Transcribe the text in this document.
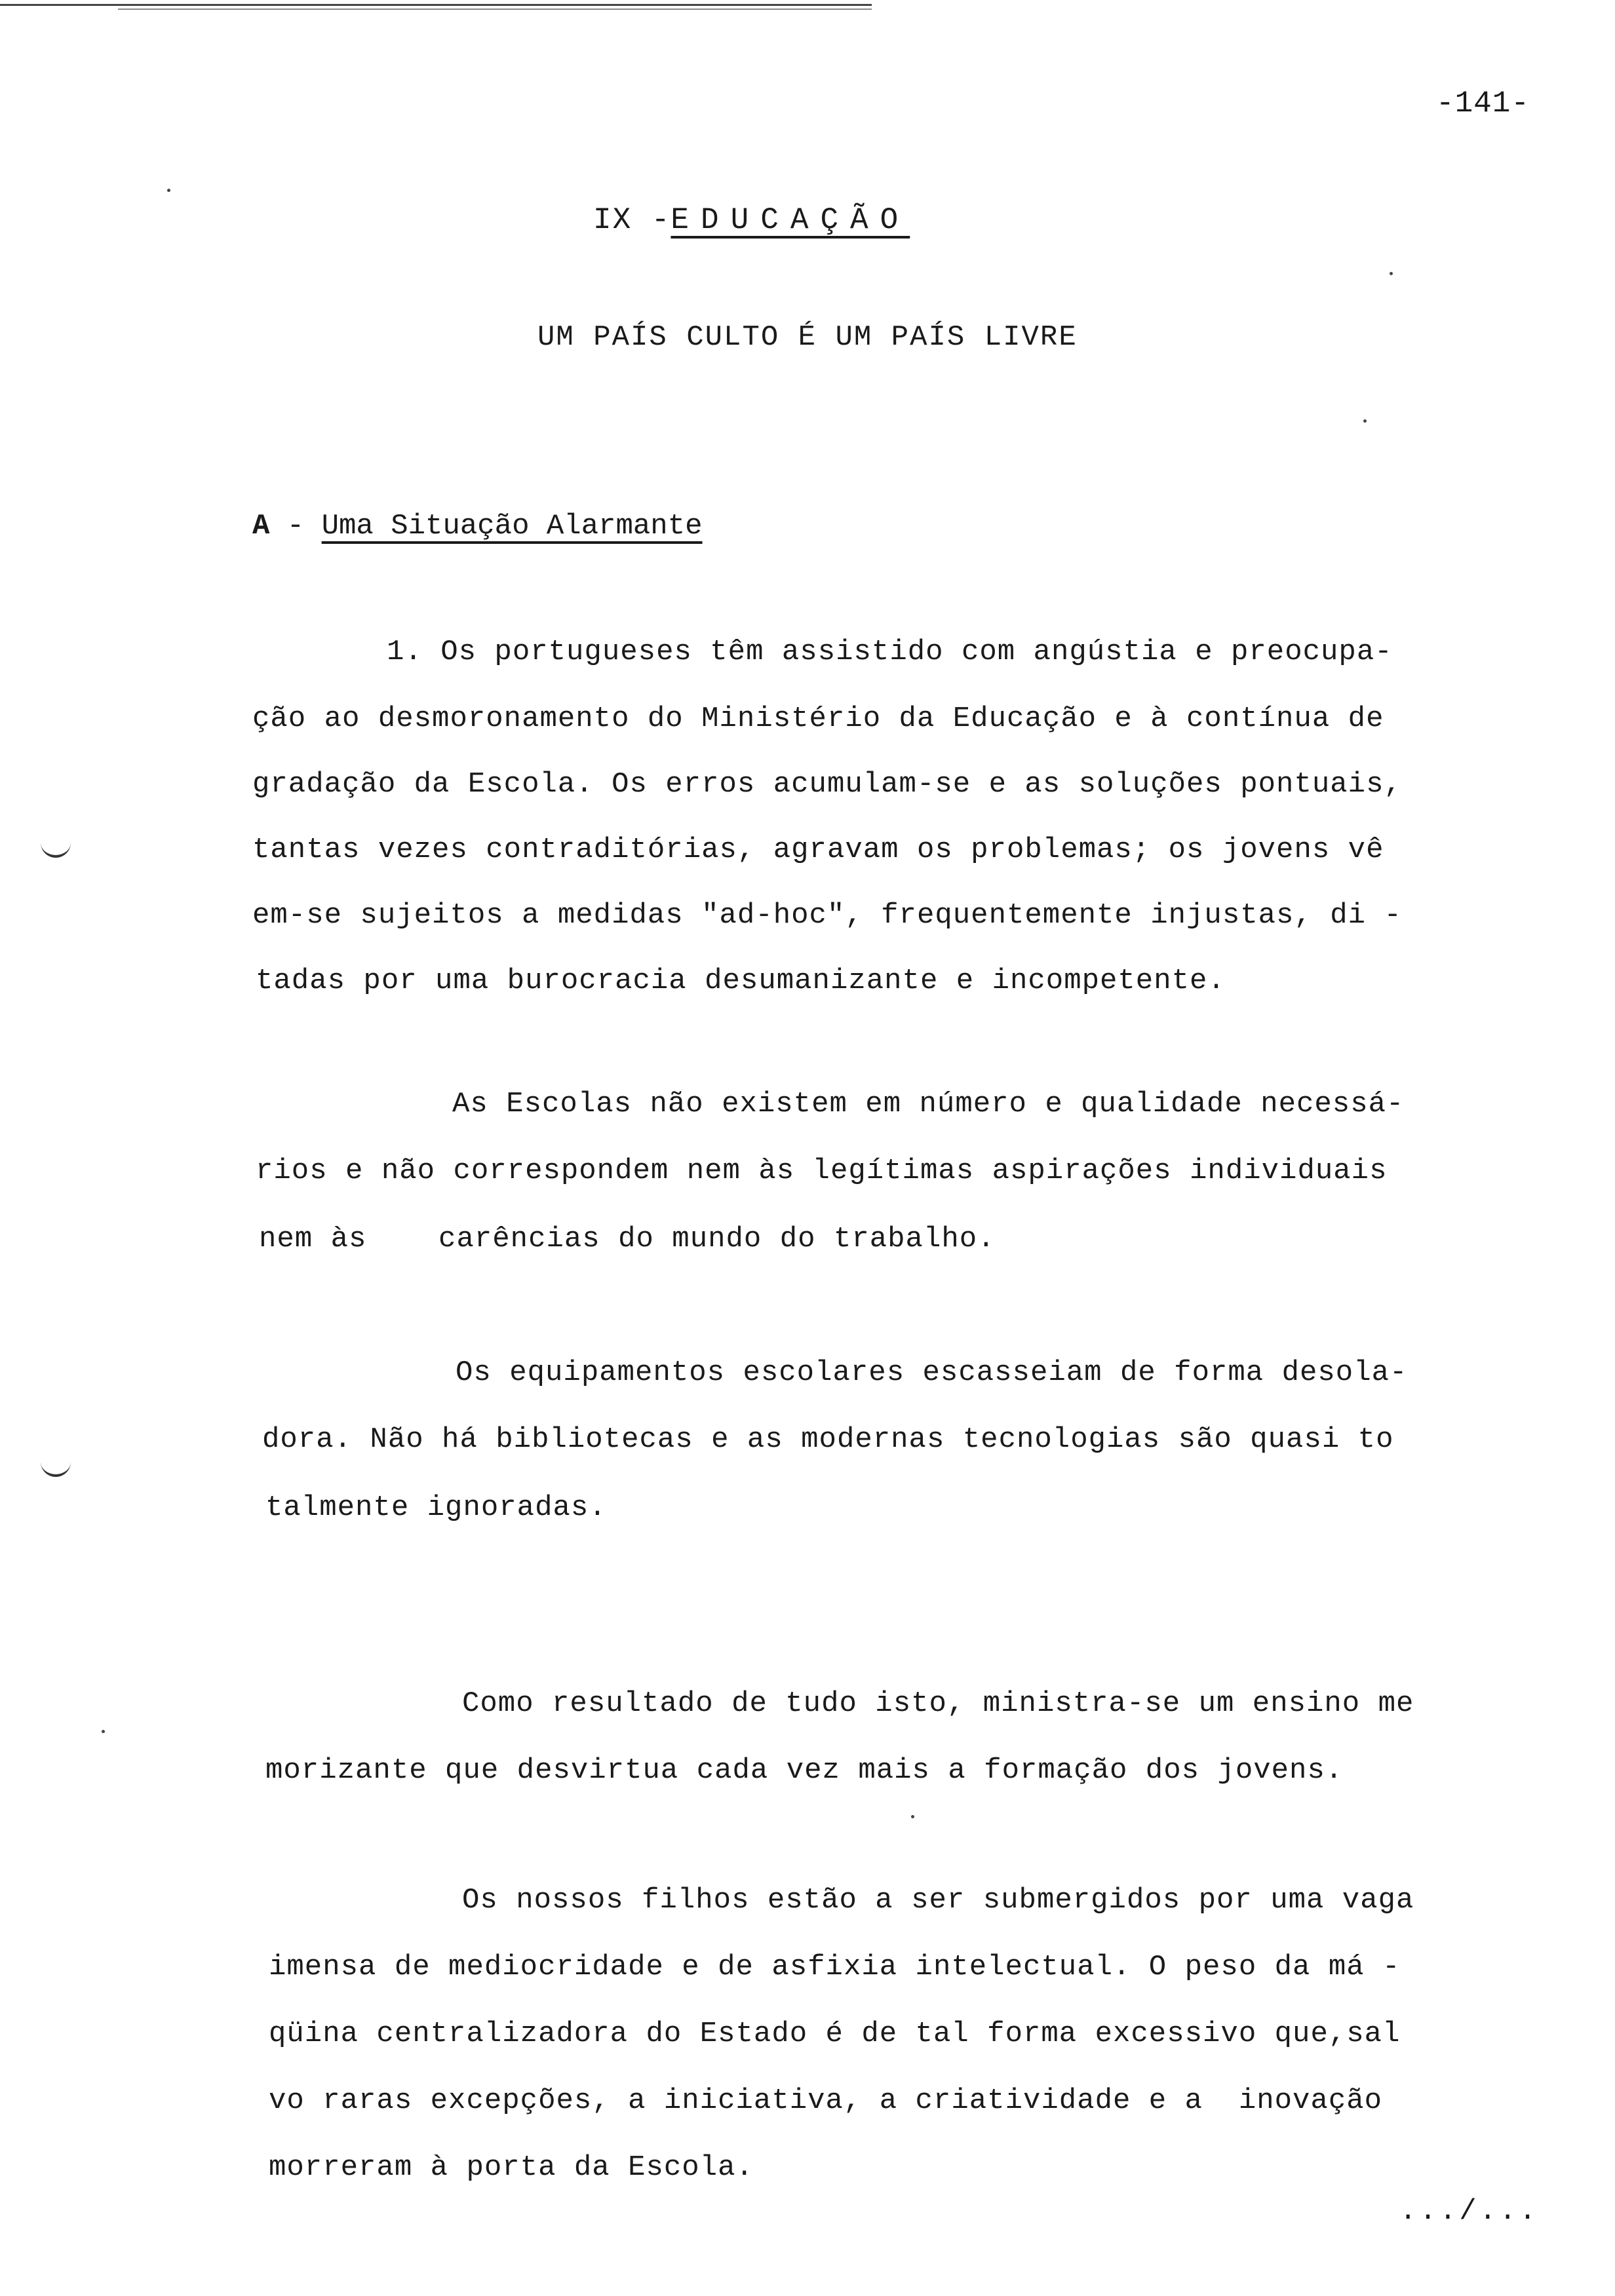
-141-
IX -EDUCAÇÃO
UM PAÍS CULTO É UM PAÍS LIVRE
A - Uma Situação Alarmante
1. Os portugueses têm assistido com angústia e preocupa-
ção ao desmoronamento do Ministério da Educação e à contínua de
gradação da Escola. Os erros acumulam-se e as soluções pontuais,
tantas vezes contraditórias, agravam os problemas; os jovens vê
em-se sujeitos a medidas "ad-hoc", frequentemente injustas, di -
tadas por uma burocracia desumanizante e incompetente.
As Escolas não existem em número e qualidade necessá-
rios e não correspondem nem às legítimas aspirações individuais
nem às    carências do mundo do trabalho.
Os equipamentos escolares escasseiam de forma desola-
dora. Não há bibliotecas e as modernas tecnologias são quasi to
talmente ignoradas.
Como resultado de tudo isto, ministra-se um ensino me
morizante que desvirtua cada vez mais a formação dos jovens.
Os nossos filhos estão a ser submergidos por uma vaga
imensa de mediocridade e de asfixia intelectual. O peso da má -
qüina centralizadora do Estado é de tal forma excessivo que,sal
vo raras excepções, a iniciativa, a criatividade e a  inovação
morreram à porta da Escola.
.../...
